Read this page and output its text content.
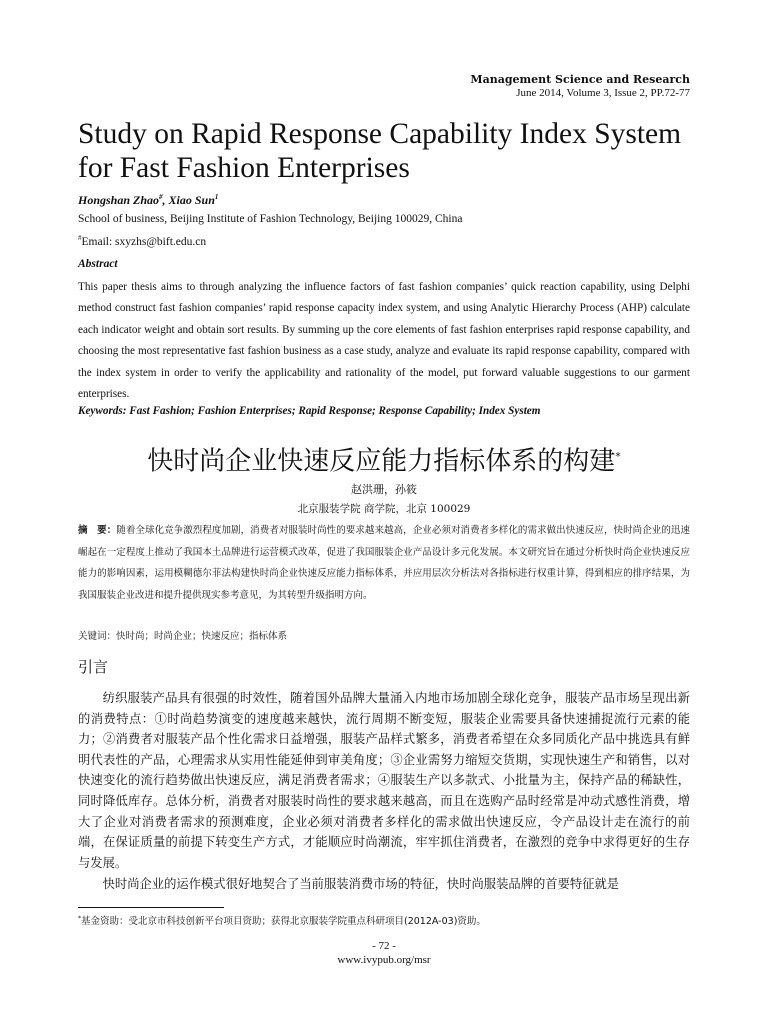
Management Science and Research
June 2014, Volume 3, Issue 2, PP.72-77
Study on Rapid Response Capability Index System for Fast Fashion Enterprises
Hongshan Zhao#, Xiao Sun$^1$
School of business, Beijing Institute of Fashion Technology, Beijing 100029, China
#Email: sxyzhs@bift.edu.cn
Abstract

This paper thesis aims to through analyzing the influence factors of fast fashion companies’ quick reaction capability, using Delphi method construct fast fashion companies’ rapid response capacity index system, and using Analytic Hierarchy Process (AHP) calculate each indicator weight and obtain sort results. By summing up the core elements of fast fashion enterprises rapid response capability, and choosing the most representative fast fashion business as a case study, analyze and evaluate its rapid response capability, compared with the index system in order to verify the applicability and rationality of the model, put forward valuable suggestions to our garment enterprises.

Keywords: Fast Fashion; Fashion Enterprises; Rapid Response; Response Capability; Index System
快时尚企业快速反应能力指标体系的构建*
赵洪珊，孙筱
北京服装学院 商学院，北京 100029

摘　要：随着全球化竞争激烈程度加剧，消费者对服装时尚性的要求越来越高，企业必须对消费者多样化的需求做出快速反应，快时尚企业的迅速崛起在一定程度上推动了我国本土品牌进行运营模式改革，促进了我国服装企业产品设计多元化发展。本文研究旨在通过分析快时尚企业快速反应能力的影响因素，运用模糊德尔菲法构建快时尚企业快速反应能力指标体系，并应用层次分析法对各指标进行权重计算，得到相应的排序结果，为我国服装企业改进和提升提供现实参考意见，为其转型升级指明方向。

关键词：快时尚；时尚企业；快速反应；指标体系
引言

纺织服装产品具有很强的时效性，随着国外品牌大量涌入内地市场加剧全球化竞争，服装产品市场呈现出新的消费特点：①时尚趋势演变的速度越来越快，流行周期不断变短，服装企业需要具备快速捕捉流行元素的能力；②消费者对服装产品个性化需求日益增强，服装产品样式繁多，消费者希望在众多同质化产品中挑选具有鲜明代表性的产品，心理需求从实用性能延伸到审美角度；③企业需努力缩短交货期，实现快速生产和销售，以对快速变化的流行趋势做出快速反应，满足消费者需求；④服装生产以多款式、小批量为主，保持产品的稀缺性，同时降低库存。总体分析，消费者对服装时尚性的要求越来越高，而且在选购产品时经常是冲动式感性消费，增大了企业对消费者需求的预测难度，企业必须对消费者多样化的需求做出快速反应，令产品设计走在流行的前端，在保证质量的前提下转变生产方式，才能顺应时尚潮流，牢牢抓住消费者，在激烈的竞争中求得更好的生存与发展。

快时尚企业的运作模式很好地契合了当前服装消费市场的特征，快时尚服装品牌的首要特征就是

*基金资助：受北京市科技创新平台项目资助；获得北京服装学院重点科研项目(2012A-03)资助。
- 72 -
www.ivypub.org/msr
